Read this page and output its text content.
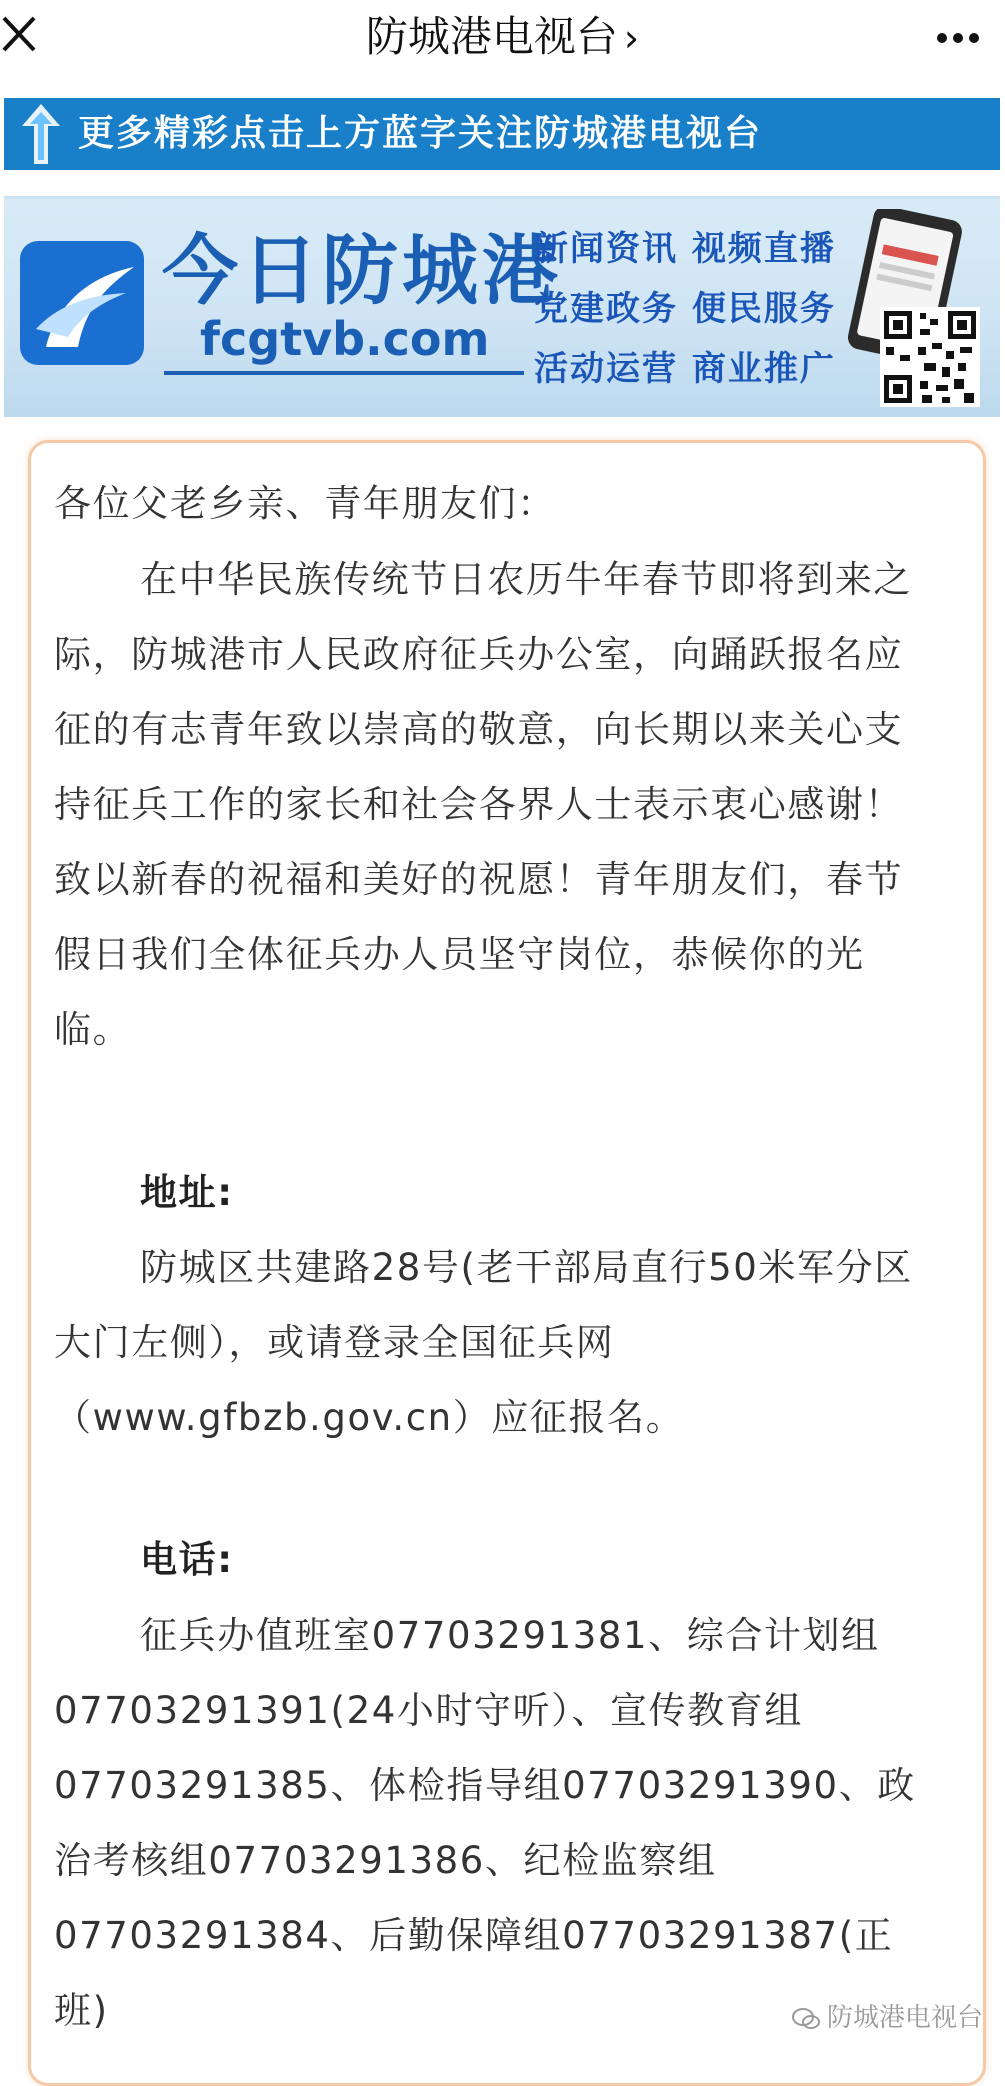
防城港电视台 ›
更多精彩点击上方蓝字关注防城港电视台
今日防城港
fcgtvb.com
新闻资讯 视频直播
党建政务 便民服务
活动运营 商业推广

各位父老乡亲、青年朋友们：

在中华民族传统节日农历牛年春节即将到来之际，防城港市人民政府征兵办公室，向踊跃报名应征的有志青年致以崇高的敬意，向长期以来关心支持征兵工作的家长和社会各界人士表示衷心感谢！致以新春的祝福和美好的祝愿！青年朋友们，春节假日我们全体征兵办人员坚守岗位，恭候你的光临。

地址:

防城区共建路28号(老干部局直行50米军分区大门左侧），或请登录全国征兵网（www.gfbzb.gov.cn）应征报名。

电话:

征兵办值班室07703291381、综合计划组07703291391(24小时守听）、宣传教育组07703291385、体检指导组07703291390、政治考核组07703291386、纪检监察组07703291384、后勤保障组07703291387(正班)	防城港电视台
